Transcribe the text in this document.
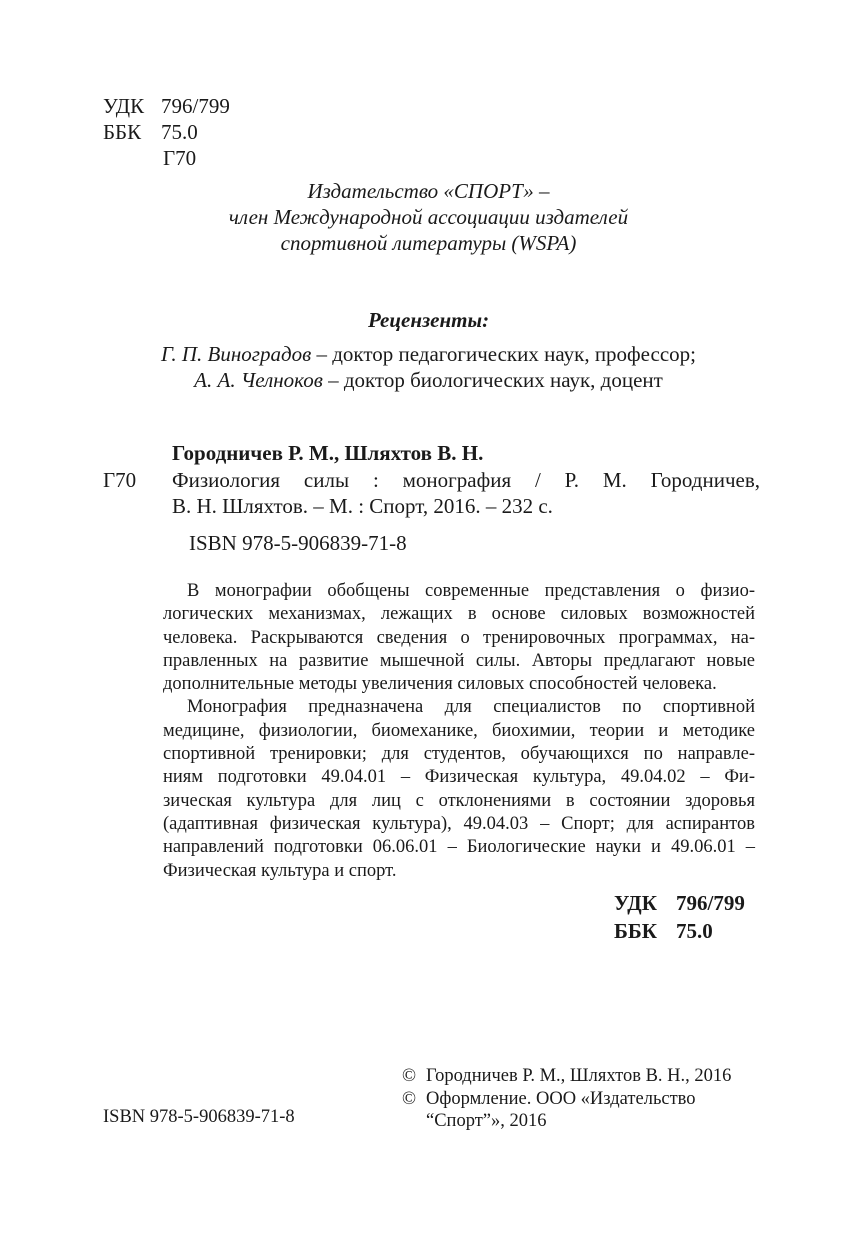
УДК 796/799
ББК 75.0
Г70
Издательство «СПОРТ» –
член Международной ассоциации издателей
спортивной литературы (WSPA)
Рецензенты:
Г. П. Виноградов – доктор педагогических наук, профессор;
А. А. Челноков – доктор биологических наук, доцент
Городничев Р. М., Шляхтов В. Н.
Г70 Физиология силы : монография / Р. М. Городничев,
В. Н. Шляхтов. – М. : Спорт, 2016. – 232 с.
ISBN 978-5-906839-71-8
В монографии обобщены современные представления о физио-
логических механизмах, лежащих в основе силовых возможностей
человека. Раскрываются сведения о тренировочных программах, на-
правленных на развитие мышечной силы. Авторы предлагают новые
дополнительные методы увеличения силовых способностей человека.
Монография предназначена для специалистов по спортивной
медицине, физиологии, биомеханике, биохимии, теории и методике
спортивной тренировки; для студентов, обучающихся по направле-
ниям подготовки 49.04.01 – Физическая культура, 49.04.02 – Фи-
зическая культура для лиц с отклонениями в состоянии здоровья
(адаптивная физическая культура), 49.04.03 – Спорт; для аспирантов
направлений подготовки 06.06.01 – Биологические науки и 49.06.01 –
Физическая культура и спорт.
УДК 796/799
ББК 75.0
© Городничев Р. М., Шляхтов В. Н., 2016
© Оформление. ООО «Издательство
“Спорт”», 2016
ISBN 978-5-906839-71-8
